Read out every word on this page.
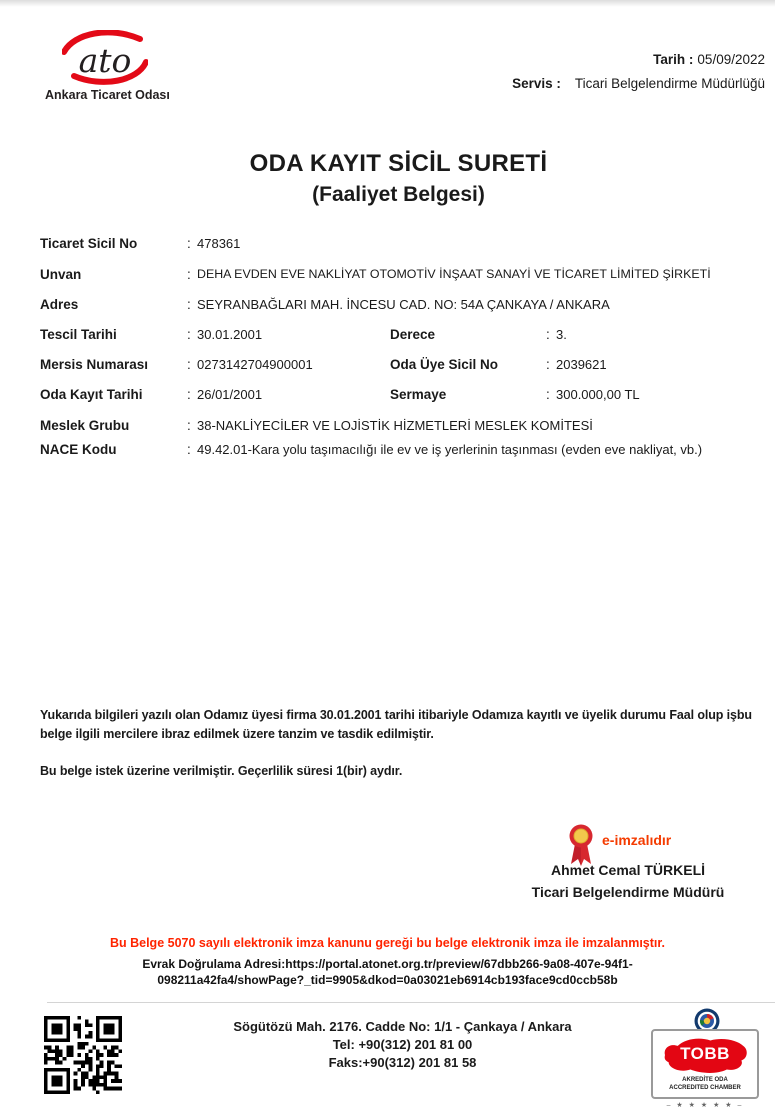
ato
Ankara Ticaret Odası
Tarih : 05/09/2022
Servis : Ticari Belgelendirme Müdürlüğü
ODA KAYIT SİCİL SURETİ
(Faaliyet Belgesi)
Ticaret Sicil No	: 478361
Unvan	: DEHA EVDEN EVE NAKLİYAT OTOMOTİV İNŞAAT SANAYİ VE TİCARET LİMİTED ŞİRKETİ
Adres	: SEYRANBAĞLARI MAH. İNCESU CAD. NO: 54A ÇANKAYA / ANKARA
Tescil Tarihi	: 30.01.2001	Derece	: 3.
Mersis Numarası	: 0273142704900001	Oda Üye Sicil No	: 2039621
Oda Kayıt Tarihi	: 26/01/2001	Sermaye	: 300.000,00 TL
Meslek Grubu	: 38-NAKLİYECİLER VE LOJİSTİK HİZMETLERİ MESLEK KOMİTESİ
NACE Kodu	: 49.42.01-Kara yolu taşımacılığı ile ev ve iş yerlerinin taşınması (evden eve nakliyat, vb.)

Yukarıda bilgileri yazılı olan Odamız üyesi firma 30.01.2001 tarihi itibariyle Odamıza kayıtlı ve üyelik durumu Faal olup işbu belge ilgili mercilere ibraz edilmek üzere tanzim ve tasdik edilmiştir.

Bu belge istek üzerine verilmiştir. Geçerlilik süresi 1(bir) aydır.

e-imzalıdır
Ahmet Cemal TÜRKELİ
Ticari Belgelendirme Müdürü
Bu Belge 5070 sayılı elektronik imza kanunu gereği bu belge elektronik imza ile imzalanmıştır.
Evrak Doğrulama Adresi:https://portal.atonet.org.tr/preview/67dbb266-9a08-407e-94f1-
098211a42fa4/showPage?_tid=9905&dkod=0a03021eb6914cb193face9cd0ccb58b
Sögütözü Mah. 2176. Cadde No: 1/1 - Çankaya / Ankara
Tel: +90(312) 201 81 00
Faks:+90(312) 201 81 58	TOBB
AKREDİTE ODA
ACCREDITED CHAMBER
– ★ ★ ★ ★ ★ –
